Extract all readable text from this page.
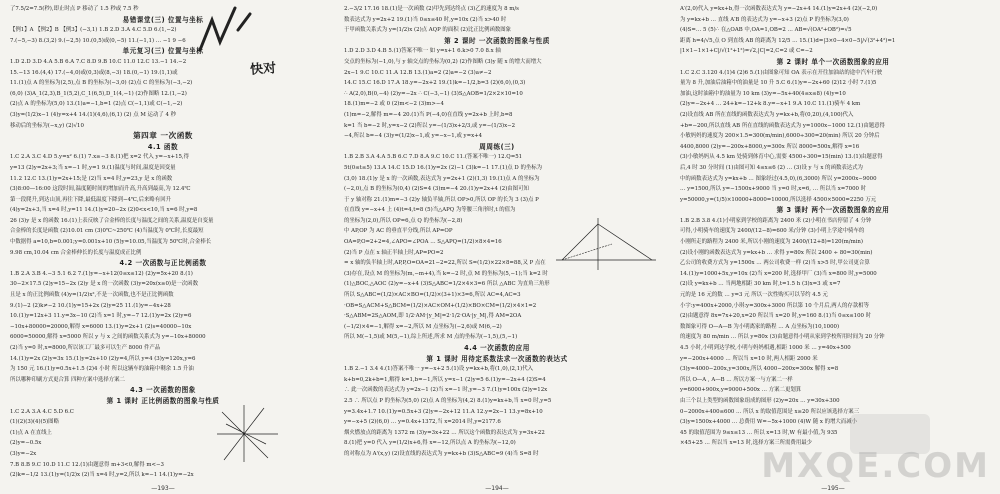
了7.5/2=7.5(秒),即止时点 P 移动了 1.5 秒或 7.5 秒
易错课堂(三) 位置与坐标
【例1】A 【例2】B 【例3】(−3,1) 1.B 2.D 3.A 4.C 5.D 6.(1,−2)
7.(−5,−3) 8.(3,2) 9.(−2,5) 10.(0,5)或(0,−5) 11.(−1,1) … −1 9 −6
单元复习(三) 位置与坐标
1.D 2.D 3.D 4.A 5.B 6.A 7.C 8.D 9.B 10.C 11.0 12.C 13.−1 14.−2
15.−13 16.(4,4) 17.(−4,0)或(0,3)或(8,−3) 18.(0,−1) 19.(1,1)或
11.(1)点 A 的坐标为(2,5),点 B 的坐标为(−3,0) (2)点 C 的坐标为(−3,−2)
(6,0) (3)A_1(2,3),B_1(5,2),C_1(6,5),D_1(4,−1) (2)作图略 12.(1,−2)
(2)点 A 的坐标为(5,0) 13.(1)a=−1,b=1 (2)点 C(−1,1)或 C(−1,−2)
(3)y=(1/2)x−1 (4)y=x+4 14.(1)(4,6),(6,1) (2) 点 M 运动了 4 秒
移动后的坐标为(−x,y) (2)√10
第四章 一次函数
4.1 函数
1.C 2.A 3.C 4.D 5.y=x² 6.(1) 7.x≥−3 8.(1)把 x=2 代入 y=−x+15,得
y=13 (2)y=2x+3;当 x=−1 时,y=1 9.(1)温度与时间,温度是因变量
11.2 12.C 13.(1)y=2x+15;是 (2)当 x=4 时,y=23,y 是 x 的函数
(3)8:00—16:00 这段时间,温度随时间的增加而升高,升高到最高,为 12.4℃
第一段爬升,到达山顶,再往下降,最低温度下降到−4℃,后来略有回升
(4)y=2x+3,当 x=4 时,y=11 14.(1)y=20−2x (2)0<x<10,当 x=6 时,y=8
26 (3)y 是 x 的函数 16.(1)上表反映了合金棒的长度与温度之间的关系,温度是自变量
合金棒的长度是函数 (2)10.01 cm (3)0℃~250℃ (4)当温度为 0℃时,长度最短
中数据得 a=10,b=0.001;y=0.001x+10 (5)y=10.05,当温度为 50℃时,合金棒长
9.98 cm,10.04 cm 合金棒伸长的长度与温度成正比例
4.2 一次函数与正比例函数
1.B 2.A 3.B 4.−3 5.1 6.2 7.(1)y=−x+12(0≤x≤12) (2)y=5x+20 8.(1)
30−2×17.5 (2)y=15−2x (2)y 是 x 的一次函数 (3)y=20x(x≥0)是一次函数
且是 x 的正比例函数 (4)y=(1/2)x²,不是一次函数,也不是正比例函数
9.(1)−2 (2)k≠−2 10.(1)y=15+2x (2)y=25 11.(1)y=−4x+28
10.(1)y=12x+3 11.y=3x−10 (2)当 x=1 时,y=−7 12.(1)y=2x (2)y=6
−10x+80000=20000,解得 x=6000 13.(1)y=2x+1 (2)s=40000−10x
6000=50000,解得 x=5000 所以 y 与 x 之间的函数关系式为 y=−10x+80000
(2)当 y=0 时,x=8000,所以该工厂最多可以生产 8000 件产品
14.(1)y=2x (2)y=3x 15.(1)y=2x+10 (2)y=4,所以 y=4 (3)y=120x,y=6
为 150 元 16.(1)y=0.5x+1.5 (2)4 小时 所以这辆车的油箱中剩余 1.5 升油
所以哪种印刷方式更合算 四种方案中选择方案二
4.3 一次函数的图象
第 1 课时 正比例函数的图象与性质
1.C 2.A 3.A 4.C 5.D 6.C
(1)(2)(3)(4)(5)图略
(1)点 A 在直线上
(2)y=−0.5x
(3)y=−2x
7.B 8.B 9.C 10.D 11.C 12.(1)由题意得 m+3<0,解得 m<−3
(2)k=−1/2 13.(1)y=(1/2)x (2)当 x=4 时,y=2,所以 k=−1 14.(1)y=−2x
2.−3/2 17.16 18.(1)是一次函数 (2)甲先到达终点 (3)乙的速度为 8 m/s
数表达式为 y=2x+2 19.(1)当 0≤x≤40 时,y=10x (2)当 x>40 时
于甲函数关系式为 y=(1/2)x (2)点 AQP 的面积 (2)比正比例函数图象
第 2 课时 一次函数的图象与性质
1.D 2.D 3.D 4.B 5.(1)答案不唯一 如 y=x+1 6.k>0 7.0 8.x 轴
交点的坐标为(−1,0),与 y 轴交点的坐标为(0,2) (2)作图略 (3)y 随 x 的增大而增大
2x−1 9.C 10.C 11.A 12.B 13.(1)a=2 (2)a=−2 (3)a≠−2
14.C 15.C 16.D 17.A 18.y=−2x+2 19.(1)k=−1/2,b=3 (2)(6,0),(0,3)
∴ A(2,0),B(0,−4) (2)y=−2x ∴ C(−3,−1) (3)S△AOB=1/2×2×10=10
18.(1)m=−2 或 0 (2)m<−2 (3)m>−4
(1)m=−2,解得 m=−4 20.(1)当 P(−4,0)在直线 y=2x+b 上时,b=8
k=1 当 b=−2 时,y=x−2 (2)所以 y=−(1/3)x+2/3,或 y=−(1/3)x−2
−4,所以 b=−4 (3)y=(1/2)x−1,或 y=−x−1,或 y=x+4
周周练(三)
1.B 2.B 3.A 4.A 5.B 6.C 7.D 8.A 9.C 10.C 11.(答案不唯一) 12.Q=51
5t(0≤t≤5) 13.A 14.C 15.D 16.(1)y=2x (2)−1 (3)k=−1 17.(1)点 D 的坐标为
(3,0) 18.(1)y 是 x 的一次函数,表达式为 y=2x+1 (2)(1,3) 19.(1)点 A 的坐标为
(−2,0),点 B 的坐标为(0,4) (2)S=4 (3)m=−4 20.(1)y=2x+4 (2)由图可知
于 y 轴对称 21.(1)m=−3 (2)y 轴负半轴,所以 OP>0,所以 OP 的长为 3 (3)点 P
在直线 y=−x+4 上 (4)t=4,t=8 (5)当△APQ 为等腰三角形时,t 的值为
的坐标为(2,0),所以 OP=6,点 Q 的坐标为(−2,8)
中 AP,OP 为 AC 的垂直平分线,所以 AP=OP
OA=P,O=2+2=4,∠APO=∠POA … S△APQ=(1/2)×8×4=16
(2)当 P 点在 x 轴正半轴上时,AP=PO=2
= x 轴的负半轴上时,AP,P,O=OA=21−2=22,所以 S=(1/2)×22×8=88,又 P 点在
(3)存在,设点 M 的坐标为(m,−m+4),当 k=−2 时,点 M 的坐标为(5,−1);当 k=2 时
(1)△BOC,△AOC (2)y=−x+4 (3)S△ABC=1/2×4×3=6 所以 △ABC 为直角三角形
所以 S△ABC=(1/2)×AC×BO=(1/2)×(3+1)×3=6,所以 AC=4,AC=3
·OB=S△ACM+S△BCM=(1/2)×AC×OM+(1/2)×BO×CM=(1/2)×4×1=2
·S△ABM=2S△AOM,即 1/2·AM·|y_M|=2·1/2·OA·|y_M|,得 AM=2OA
(−1/2)×4=−1,解得 x=−2,所以 M 点坐标为(−2,6)或 M(6,−2)
所以 M(−1,5)或 M(5,−1),综上所述,所求 M 点的坐标为(−1,5),(5,−1)
4.4 一次函数的应用
第 1 课时 用待定系数法求一次函数的表达式
1.B 2.−1 3.4 4.(1)答案不唯一 y=−x+2 5.(1)设 y=kx+b,将(1,0),(2,1)代入
k+b=0,2k+b=1,解得 k=1,b=−1,所以 y=x−1 (2)y=5 6.(1)y=−2x+4 (2)S=4
∴ 此一次函数的表达式为 y=2x−1 (2)当 x=−1 时,y=−3 7.(1)y=100x (2)y=12x
2.5 ∴ 所以点 P 的坐标为(5,0) (2)点 A 的坐标为(4,2) 8.(1)y=kx+b,当 x=0 时,y=5
y=3.4x+1.7 10.(1)y=0.5x+3 (2)y=−2x+12 11.A 12.y=2x−1 13.y=8x+10
y=−x+5 (2)(6,0) … y=0.4x+1372,当 x=2014 时,y=2177.6
烟火燃放点的距离为 1372 m (3)y=3x+22 … 所以这个函数的表达式为 y=3x+22
8.(1)把 y=0 代入 y=(1/2)x+6,得 x=−12,所以点 A 的坐标为(−12,0)
的对称点为 A'(x,y) (2)设直线的表达式为 y=kx+b (3)S△ABC=9 (4)当 S=8 时
A′(2,0)代入 y=kx+b,得一次函数表达式为 y=−2x+4 14.(1)y=2x+4 (2)(−2,0)
为 y=kx+b … 直线 A′B 的表达式为 y=−x+3 (2)点 P 的坐标为(3,0)
(4)S=… 5 (5)∴ 在△OAB 中,OA=1,OB=2 … AB=√(OA²+OB²)=√5
距离 h=4/√5,点 O 到直线 AB 的距离为 12/5 … 15.(1)d=|3×0−4×0−5|/√(3²+4²)=1
|1×1−1×1+C|/√(1²+1²)=√2,|C|=2,C=2 或 C=−2
第 2 课时 单个一次函数图象的应用
1.C 2.C 3.120 4.(1)4 (2)6 5.(1)由图象可知 OA 表示在开往加油站的途中汽车行驶
量为 8 升,加油后油箱中的油量是 10 升 5.C 6.(1)y=−2x+60 (2)12 小时 7.(1)5
加油,这时油箱中的油量为 10 km (3)y=−5x+40(4≤x≤8) (4)y=10
(2)y=−2x+4 … 24+k=−12+k 8.y=−x+1 9.A 10.C 11.(1)骑车 4 km
(2)设直线 AB 所在直线的函数表达式为 y=kx+b,将(0,20),(4,100)代入
+b=−200,所以直线 AB 所在直线的函数表达式为 y=1000x−1000 12.(1)由题意得
小敏妈妈的速度为 200×1.5=300(m/min),6000÷300=20(min) 所以 20 分钟后
4400,8000 (2)y=−200x+8000,y=300x 所以 8000=500x,解得 x=16
(3)小敏妈妈从 4.5 km 处骑到体育中心,需要 4500÷300=15(min) 13.(1)由题意得
后,4 时 30 分时间 (1)由图可知 4≤x≤6 (2) … (3)设 y 与 x 的函数表达式为
中的函数表达式为 y=kx+b … 图象经过(4.5,0),(6,3000) 所以 y=2000x−9000
… y=1500,所以 y=−1500x+9000 当 y=0 时,x=6, … 所以当 x=7000 时
y=50000,y=(1/5)×10000+8000=10000,所以选择 4500×5000=2250 万元
第 3 课时 两个一次函数图象的应用
1.B 2.B 3.8 4.(1)小明家到学校的距离为 2400 米 (2)小明在书店停留了 4 分钟
可得,小明骑车的速度为 2400/(12−8)=600 米/分钟 (3)小明上学途中骑车的
小刚所走的路程为 2400 米,所以小刚的速度为 2400/(12+8)=120(m/min)
(2)设小刚的函数表达式为 y=kx+b … 求得 y=80x 所以 2400 ÷ 80=30(min)
乙公司的收费方式为 y=1500x … 两公司收费一样 (2)当 x>5 时,甲公司更合算
14.(1)y=1000+5x,y=10x (2)当 x=200 时,选择甲厂 (3)当 x=800 时,y=5000
(2)设 y=kx+b … 当两地相距 30 km 时,t=1.5 h (3)x=3 或 x=7
元的是 16 元的数 … y=3 元 所以一次性购买可以节约 4.5 元
小宇:y=400x+2000,小琪:y=300x+3000 所以第 10 个月后,两人的存款相等
(2)由题意得 8x=7x+20,x=20 所以当 x=20 时,y=160 8.(1)当 0≤x≤100 时
数图象可得 O—A—B 为小明离家的路程 … A 点坐标为(10,1000)
的速度为 80 m/min … 所以 y=80x (3)由题意得小明从家到学校所用时间为 20 分钟
4.5 小时,小明到达学校,小明与妈妈相遇,相距 1000 米 … y=40x+500
y=−200x+4000 … 所以当 x=10 时,两人相距 2000 米
(3)y=4000−200x,y=300x,所以 4000−200x=300x 解得 x=8
所以 O—A , A—B … 所以方案一与方案二一样
y=6000+900x,y=9000+500x … 方案二更划算
由三个以上类型的函数图象组成的图形 (2)y=20x … y=30x+300
0−2000x+400≤600 … 所以 x 的取值范围是 x≥20 所以应该选择方案三
(3)y=1500x+4000 … 总费用 W=−5x+1000 (4)W 随 x 的增大而减小
45 的取值范围为 9≤x≤13 … 所以 x=13 时,W 有最小值,为 935
×45+25 … 所以当 x=13 时,选择方案三所需费用最少
快对
—193—	—194—	—195—
MXQE.COM
